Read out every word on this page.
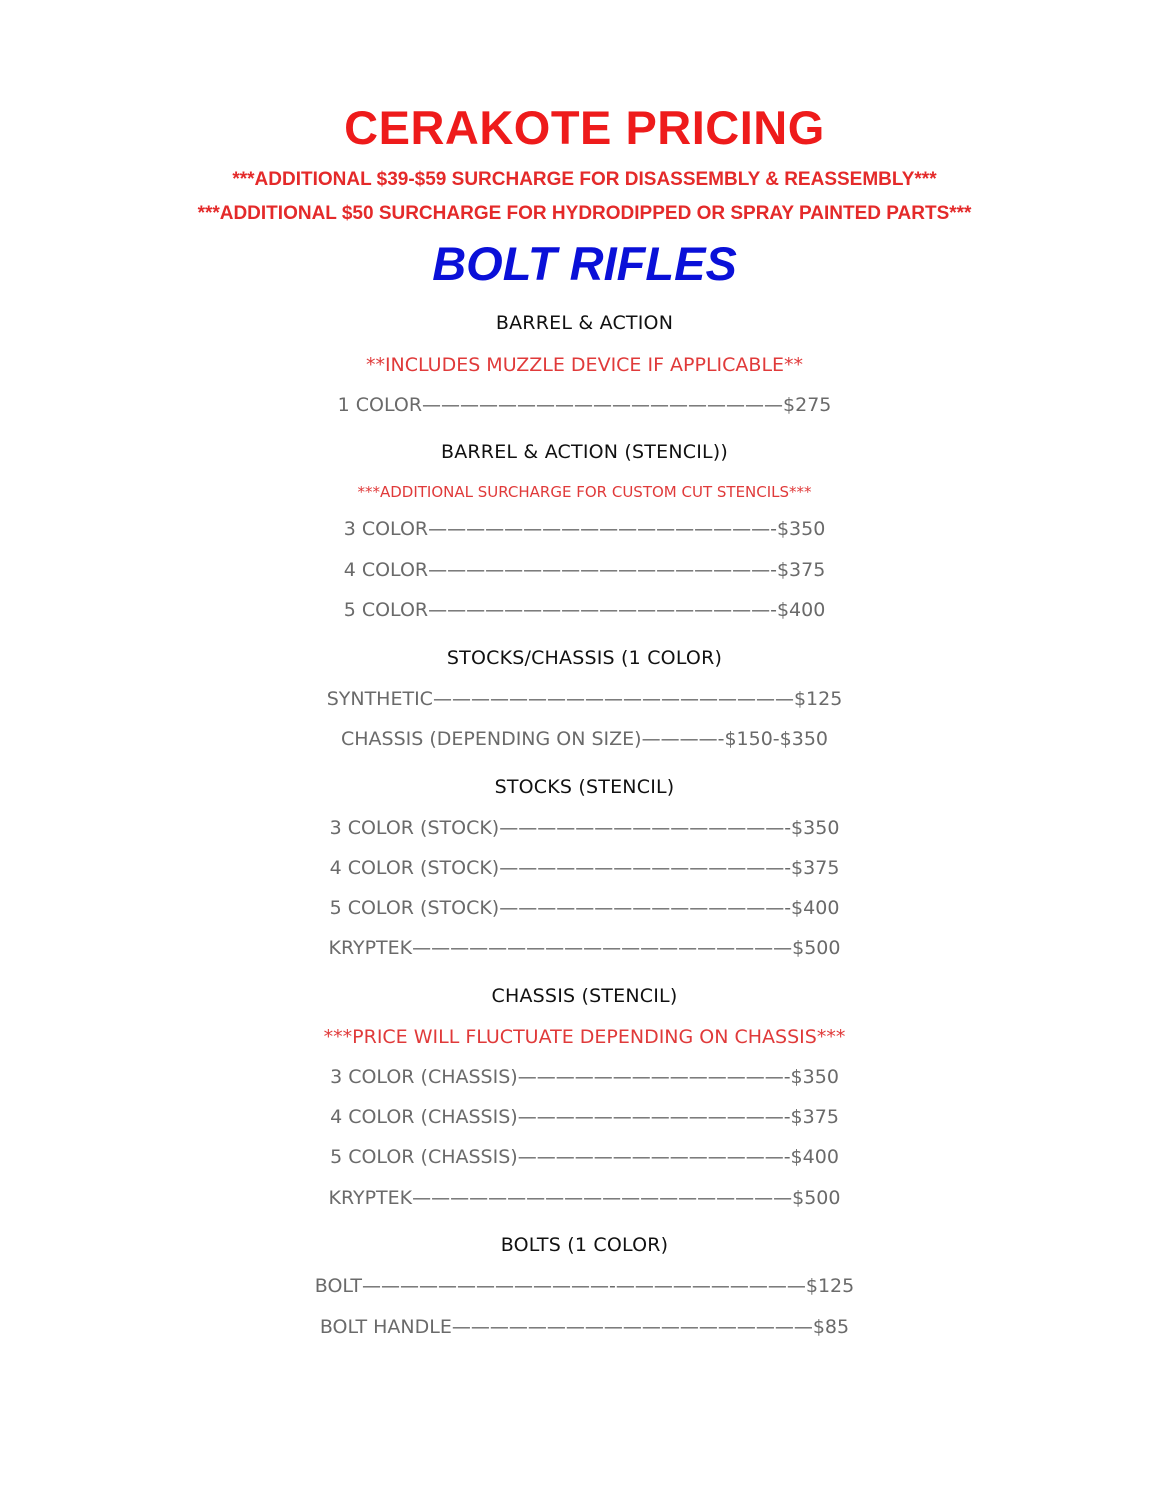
CERAKOTE PRICING
***ADDITIONAL $39-$59 SURCHARGE FOR DISASSEMBLY & REASSEMBLY***
***ADDITIONAL $50 SURCHARGE FOR HYDRODIPPED OR SPRAY PAINTED PARTS***
BOLT RIFLES
BARREL & ACTION
**INCLUDES MUZZLE DEVICE IF APPLICABLE**
1 COLOR———————————————————$275
BARREL & ACTION (STENCIL))
***ADDITIONAL SURCHARGE FOR CUSTOM CUT STENCILS***
3 COLOR——————————————————-$350
4 COLOR——————————————————-$375
5 COLOR——————————————————-$400
STOCKS/CHASSIS (1 COLOR)
SYNTHETIC———————————————————$125
CHASSIS (DEPENDING ON SIZE)————-$150-$350
STOCKS (STENCIL)
3 COLOR (STOCK)———————————————-$350
4 COLOR (STOCK)———————————————-$375
5 COLOR (STOCK)———————————————-$400
KRYPTEK————————————————————$500
CHASSIS (STENCIL)
***PRICE WILL FLUCTUATE DEPENDING ON CHASSIS***
3 COLOR (CHASSIS)——————————————-$350
4 COLOR (CHASSIS)——————————————-$375
5 COLOR (CHASSIS)——————————————-$400
KRYPTEK————————————————————$500
BOLTS (1 COLOR)
BOLT—————————————-——————————$125
BOLT HANDLE———————————————————$85
